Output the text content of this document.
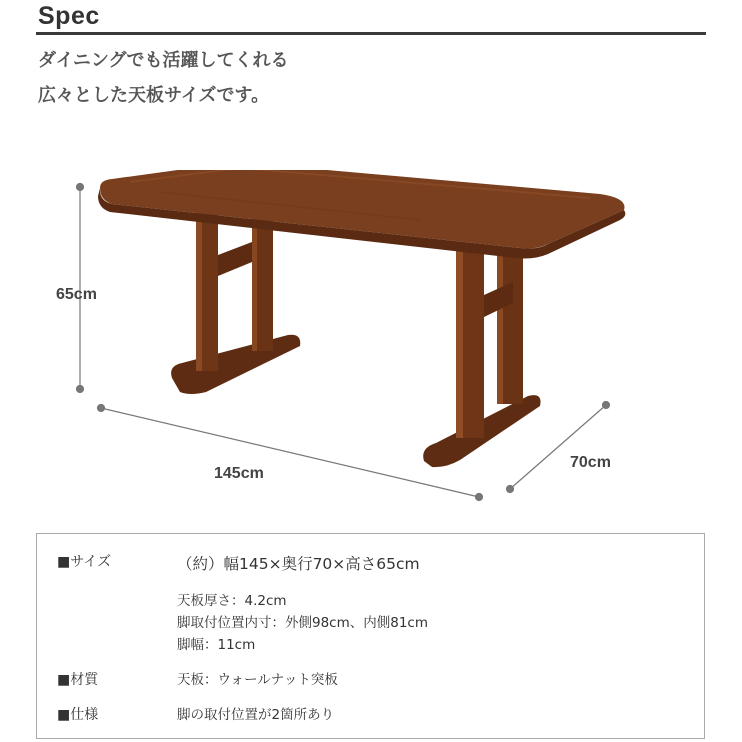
Spec
ダイニングでも活躍してくれる
広々とした天板サイズです。
65cm
145cm
70cm
■サイズ	（約）幅145×奥行70×高さ65cm
天板厚さ：4.2cm
脚取付位置内寸：外側98cm、内側81cm
脚幅：11cm
■材質	天板：ウォールナット突板
■仕様	脚の取付位置が2箇所あり
